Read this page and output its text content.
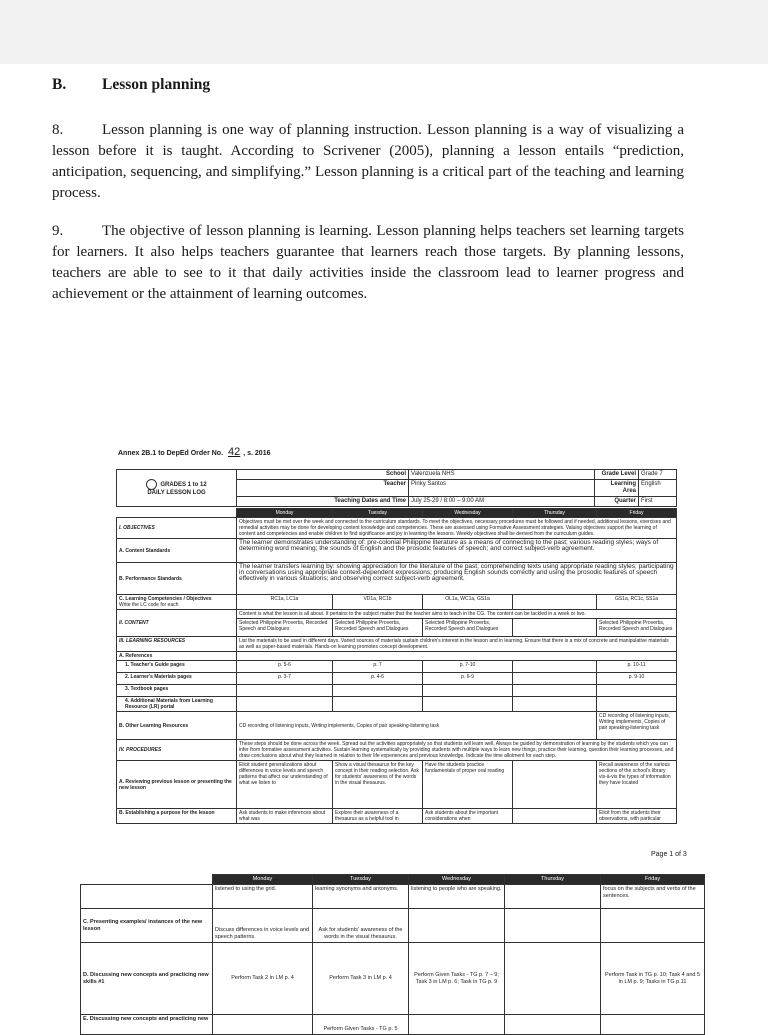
B. Lesson planning
8.	Lesson planning is one way of planning instruction. Lesson planning is a way of visualizing a lesson before it is taught. According to Scrivener (2005), planning a lesson entails “prediction, anticipation, sequencing, and simplifying.” Lesson planning is a critical part of the teaching and learning process.
9.	The objective of lesson planning is learning. Lesson planning helps teachers set learning targets for learners. It also helps teachers guarantee that learners reach those targets. By planning lessons, teachers are able to see to it that daily activities inside the classroom lead to learner progress and achievement or the attainment of learning outcomes.
Annex 2B.1 to DepEd Order No. 42 , s. 2016
GRADES 1 to 12
DAILY LESSON LOG	School	Valenzuela NHS	Grade Level	Grade 7
	Teacher	Pinky Santos	Learning Area	English
	Teaching Dates and Time	July 25-29 / 8:00 – 9:00 AM	Quarter	First
	Monday	Tuesday	Wednesday	Thursday	Friday
I. OBJECTIVES	Objectives must be met over the week and connected to the curriculum standards. To meet the objectives, necessary procedures must be followed and if needed, additional lessons, exercises and remedial activities may be done for developing content knowledge and competencies. These are assessed using Formative Assessment strategies. Valuing objectives support the learning of content and competencies and enable children to find significance and joy in learning the lessons. Weekly objectives shall be derived from the curriculum guides.				
A. Content Standards	The learner demonstrates understanding of: pre-colonial Philippine literature as a means of connecting to the past; various reading styles; ways of determining word meaning; the sounds of English and the prosodic features of speech; and correct subject-verb agreement.				
B. Performance Standards	The learner transfers learning by: showing appreciation for the literature of the past; comprehending texts using appropriate reading styles; participating in conversations using appropriate context-dependent expressions; producing English sounds correctly and using the prosodic features of speech effectively in various situations; and observing correct subject-verb agreement.				
C. Learning Competencies / Objectives
Write the LC code for each	RC1a, LC1a	VD1a, RC1b	OL1a, WC1a, GS1a		GS1a, RC1c, SS1a
II. CONTENT	Content is what the lesson is all about. It pertains to the subject matter that the teacher aims to teach in the CG. The content can be tackled in a week or two.				
	Selected Philippine Proverbs, Recorded Speech and Dialogues	Selected Philippine Proverbs, Recorded Speech and Dialogues	Selected Philippine Proverbs, Recorded Speech and Dialogues		Selected Philippine Proverbs, Recorded Speech and Dialogues
III. LEARNING RESOURCES	List the materials to be used in different days. Varied sources of materials sustain children's interest in the lesson and in learning. Ensure that there is a mix of concrete and manipulative materials as well as paper-based materials. Hands-on learning promotes concept development.				
A. References					
1. Teacher's Guide pages	p. 5-6	p. 7	p. 7-10		p. 10-11
2. Learner's Materials pages	p. 3-7	p. 4-6	p. 6-9		p. 9-10
3. Textbook pages					
4. Additional Materials from Learning Resource (LR) portal					
B. Other Learning Resources	CD recording of listening inputs, Writing implements, Copies of pair speaking-listening task				CD recording of listening inputs, Writing implements, Copies of pair speaking-listening task
IV. PROCEDURES	These steps should be done across the week. Spread out the activities appropriately so that students will learn well. Always be guided by demonstration of learning by the students which you can infer from formative assessment activities. Sustain learning systematically by providing students with multiple ways to learn new things, practice their learning, question their learning processes, and draw conclusions about what they learned in relation to their life experiences and previous knowledge. Indicate the time allotment for each step.				
A. Reviewing previous lesson or presenting the new lesson	Elicit student generalizations about differences in voice levels and speech patterns that affect our understanding of what we listen to	Show a visual thesaurus for the key concept in their reading selection. Ask for students' awareness of the words in the visual thesaurus.	Have the students practice fundamentals of proper oral reading		Recall awareness of the various sections of the school's library vis-à-vis the types of information they have located
B. Establishing a purpose for the lesson	Ask students to make inferences about what was	Explore their awareness of a thesaurus as a helpful tool in	Ask students about the important considerations when		Elicit from the students their observations, with particular
Page 1 of 3
	Monday	Tuesday	Wednesday	Thursday	Friday
	listened to using the grid.	learning synonyms and antonyms.	listening to people who are speaking.		focus on the subjects and verbs of the sentences.
C. Presenting examples/ instances of the new lesson	Discuss differences in voice levels and speech patterns.	Ask for students' awareness of the words in the visual thesaurus.			
D. Discussing new concepts and practicing new skills #1	Perform Task 2 in LM p. 4	Perform Task 3 in LM p. 4	Perform Given Tasks - TG p. 7 – 9; Task 3 in LM p. 6; Task in TG p. 9		Perform Task in TG p. 10; Task 4 and 5 in LM p. 9; Tasks in TG p.11
E. Discussing new concepts and practicing new		Perform Given Tasks - TG p. 5			
